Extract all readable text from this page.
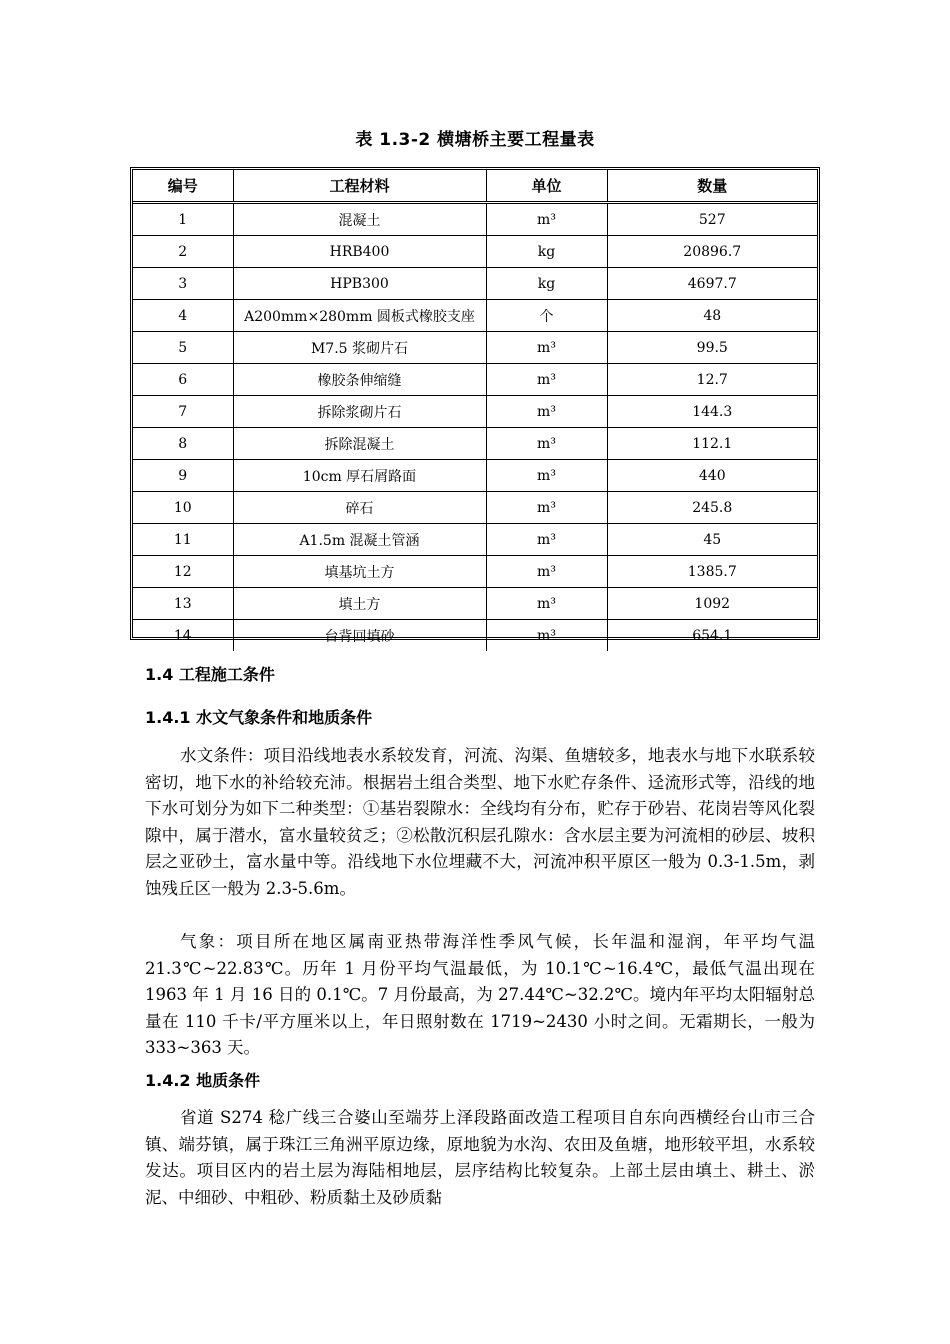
表 1.3-2 横塘桥主要工程量表
编号	工程材料	单位	数量
1	混凝土	m³	527
2	HRB400	kg	20896.7
3	HPB300	kg	4697.7
4	A200mm×280mm 圆板式橡胶支座	个	48
5	M7.5 浆砌片石	m³	99.5
6	橡胶条伸缩缝	m³	12.7
7	拆除浆砌片石	m³	144.3
8	拆除混凝土	m³	112.1
9	10cm 厚石屑路面	m³	440
10	碎石	m³	245.8
11	A1.5m 混凝土管涵	m³	45
12	填基坑土方	m³	1385.7
13	填土方	m³	1092
14	台背回填砂	m³	654.1
1.4 工程施工条件
1.4.1 水文气象条件和地质条件

水文条件：项目沿线地表水系较发育，河流、沟渠、鱼塘较多，地表水与地下水联系较密切，地下水的补给较充沛。根据岩土组合类型、地下水贮存条件、迳流形式等，沿线的地下水可划分为如下二种类型：①基岩裂隙水：全线均有分布，贮存于砂岩、花岗岩等风化裂隙中，属于潜水，富水量较贫乏；②松散沉积层孔隙水：含水层主要为河流相的砂层、坡积层之亚砂土，富水量中等。沿线地下水位埋藏不大，河流冲积平原区一般为 0.3-1.5m，剥蚀残丘区一般为 2.3-5.6m。

气象：项目所在地区属南亚热带海洋性季风气候，长年温和湿润，年平均气温 21.3℃~22.83℃。历年 1 月份平均气温最低，为 10.1℃~16.4℃，最低气温出现在 1963 年 1 月 16 日的 0.1℃。7 月份最高，为 27.44℃~32.2℃。境内年平均太阳辐射总量在 110 千卡/平方厘米以上，年日照射数在 1719~2430 小时之间。无霜期长，一般为 333~363 天。

1.4.2 地质条件

省道 S274 稔广线三合婆山至端芬上泽段路面改造工程项目自东向西横经台山市三合镇、端芬镇，属于珠江三角洲平原边缘，原地貌为水沟、农田及鱼塘，地形较平坦，水系较发达。项目区内的岩土层为海陆相地层，层序结构比较复杂。上部土层由填土、耕土、淤泥、中细砂、中粗砂、粉质黏土及砂质黏
